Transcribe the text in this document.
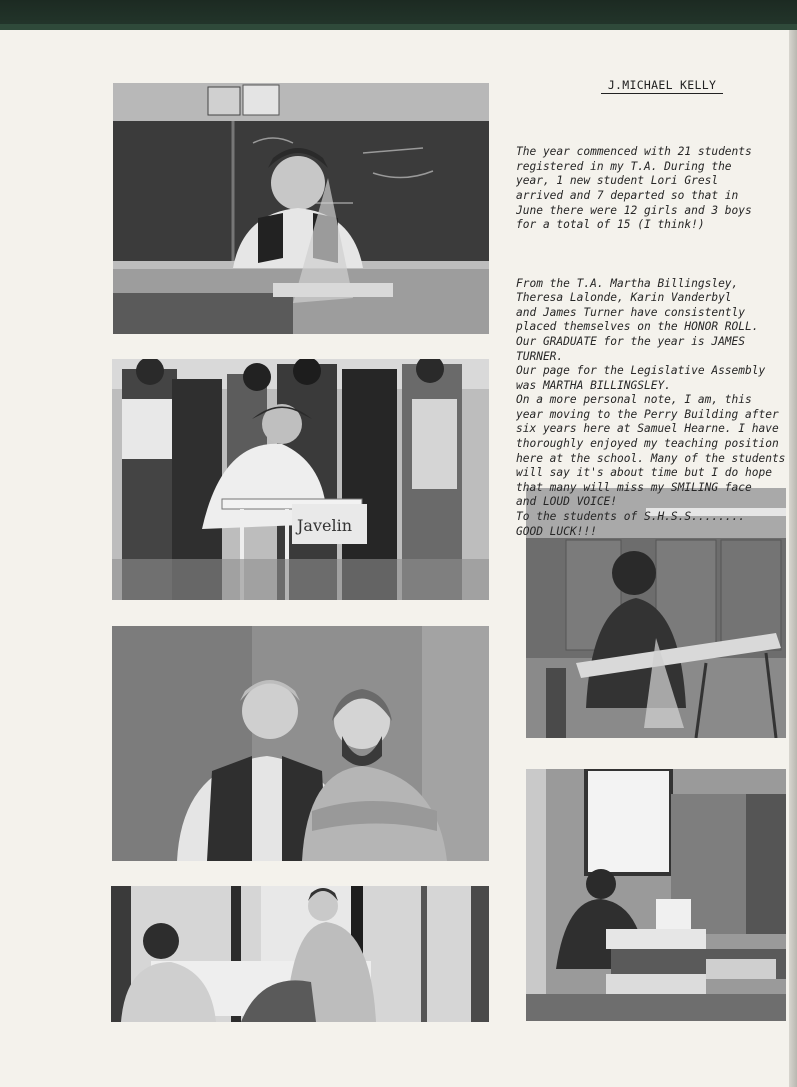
Javelin
J.MICHAEL KELLY

The year commenced with 21 students
registered in my T.A. During the
year, 1 new student Lori Gresl
arrived and 7 departed so that in
June there were 12 girls and 3 boys
for a total of 15 (I think!)

From the T.A. Martha Billingsley,
Theresa Lalonde, Karin Vanderbyl
and James Turner have consistently
placed themselves on the HONOR ROLL.
Our GRADUATE for the year is JAMES
TURNER.
Our page for the Legislative Assembly
was MARTHA BILLINGSLEY.
On a more personal note, I am, this
year moving to the Perry Building after
six years here at Samuel Hearne. I have
thoroughly enjoyed my teaching position
here at the school. Many of the students
will say it's about time but I do hope
that many will miss my SMILING face
and LOUD VOICE!
To the students of S.H.S.S........
GOOD LUCK!!!
